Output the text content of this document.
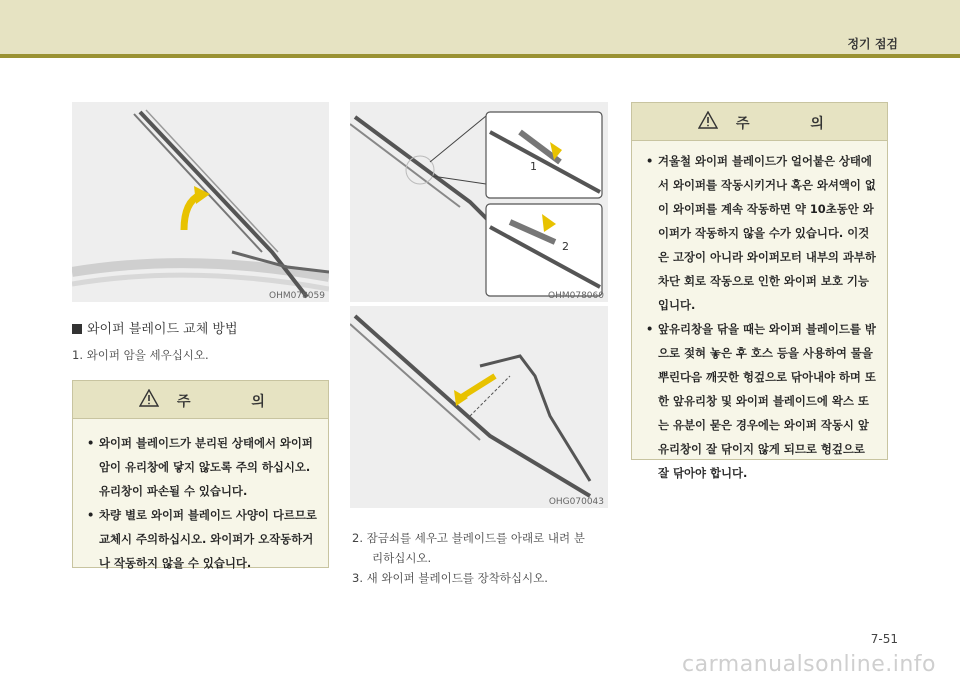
정기 점검
OHM078059
1
2
OHM078060
OHG070043
와이퍼 블레이드 교체 방법
1. 와이퍼 암을 세우십시오.
주 의
• 와이퍼 블레이드가 분리된 상태에서 와이퍼 암이 유리창에 닿지 않도록 주의 하십시오. 유리창이 파손될 수 있습니다.
• 차량 별로 와이퍼 블레이드 사양이 다르므로 교체시 주의하십시오. 와이퍼가 오작동하거나 작동하지 않을 수 있습니다.
2. 잠금쇠를 세우고 블레이드를 아래로 내려 분
리하십시오.
3. 새 와이퍼 블레이드를 장착하십시오.
주 의
• 겨울철 와이퍼 블레이드가 얼어붙은 상태에서 와이퍼를 작동시키거나 혹은 와셔액이 없이 와이퍼를 계속 작동하면 약 10초동안 와이퍼가 작동하지 않을 수가 있습니다. 이것은 고장이 아니라 와이퍼모터 내부의 과부하 차단 회로 작동으로 인한 와이퍼 보호 기능입니다.
• 앞유리창을 닦을 때는 와이퍼 블레이드를 밖으로 젖혀 놓은 후 호스 등을 사용하여 물을 뿌린다음 깨끗한 헝겊으로 닦아내야 하며 또한 앞유리창 및 와이퍼 블레이드에 왁스 또는 유분이 묻은 경우에는 와이퍼 작동시 앞유리창이 잘 닦이지 않게 되므로 헝겊으로 잘 닦아야 합니다.
7-51
carmanualsonline.info
